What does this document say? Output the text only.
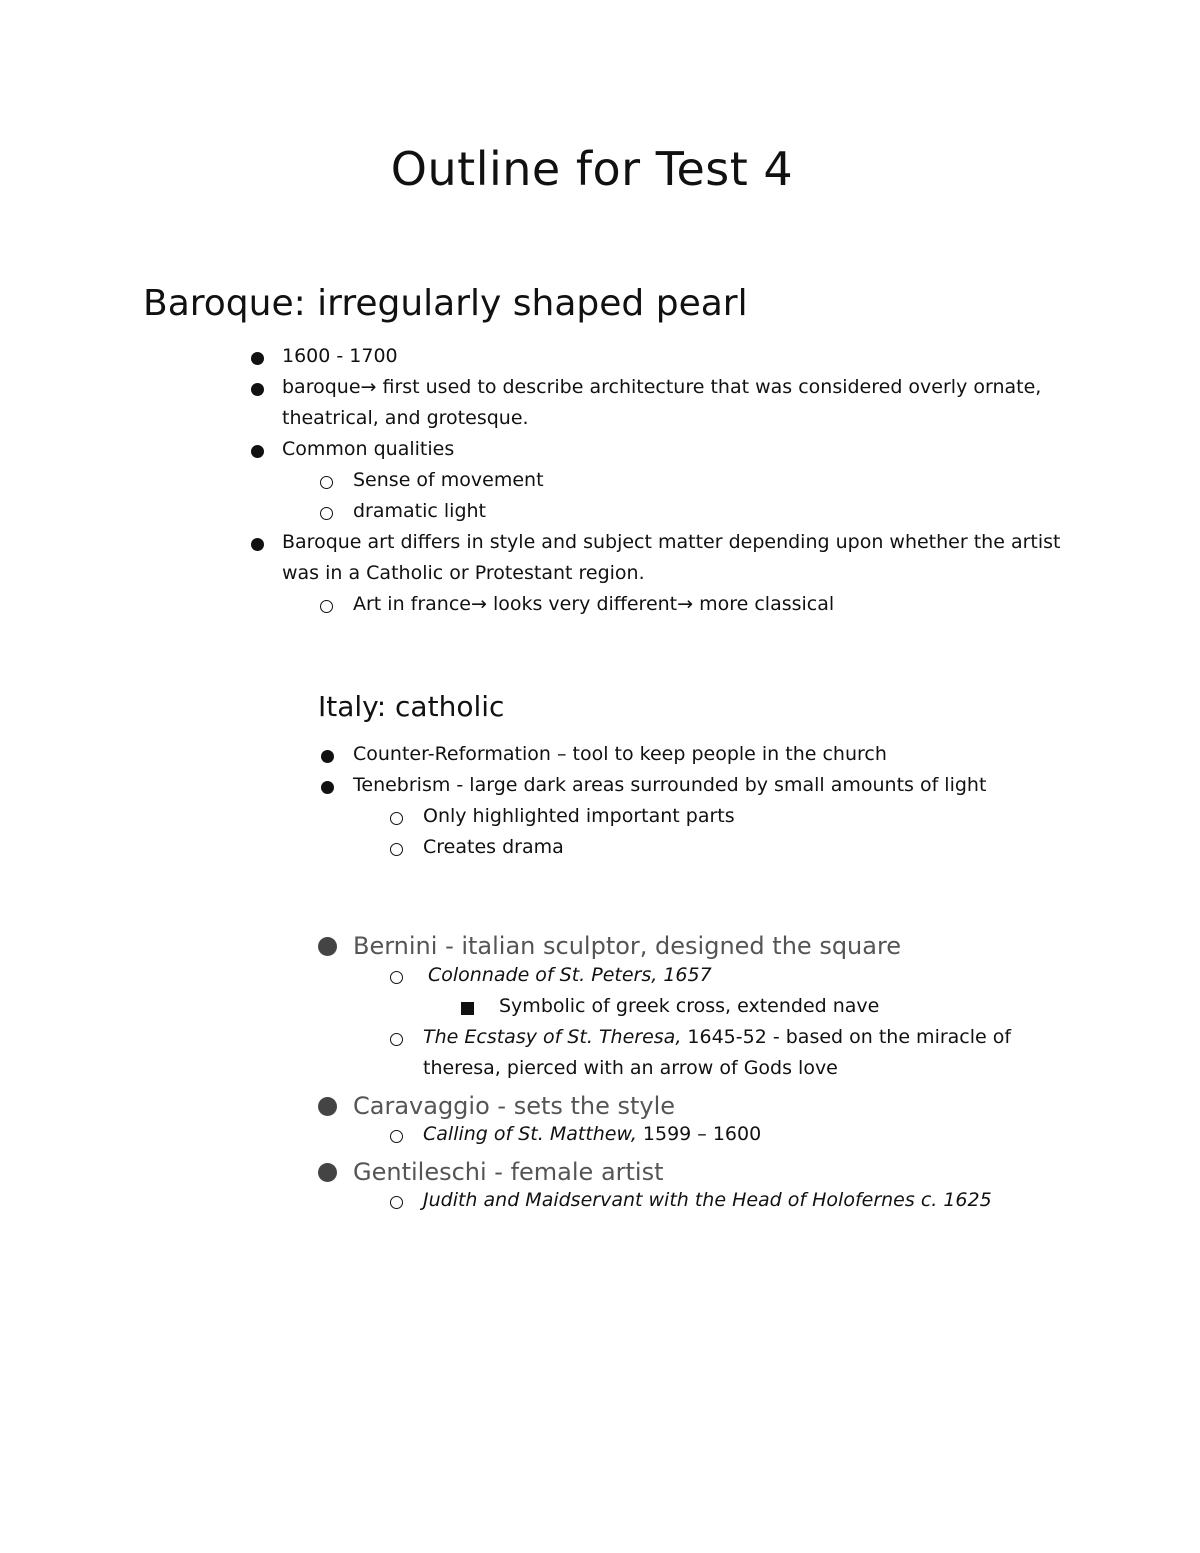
Outline for Test 4
Baroque: irregularly shaped pearl
1600 - 1700
baroque→ first used to describe architecture that was considered overly ornate,
theatrical, and grotesque.
Common qualities
Sense of movement
dramatic light
Baroque art differs in style and subject matter depending upon whether the artist
was in a Catholic or Protestant region.
Art in france→ looks very different→ more classical
Italy: catholic
Counter-Reformation – tool to keep people in the church
Tenebrism - large dark areas surrounded by small amounts of light
Only highlighted important parts
Creates drama
Bernini - italian sculptor, designed the square
Colonnade of St. Peters, 1657
Symbolic of greek cross, extended nave
The Ecstasy of St. Theresa, 1645-52 - based on the miracle of
theresa, pierced with an arrow of Gods love
Caravaggio - sets the style
Calling of St. Matthew, 1599 – 1600
Gentileschi - female artist
Judith and Maidservant with the Head of Holofernes c. 1625
